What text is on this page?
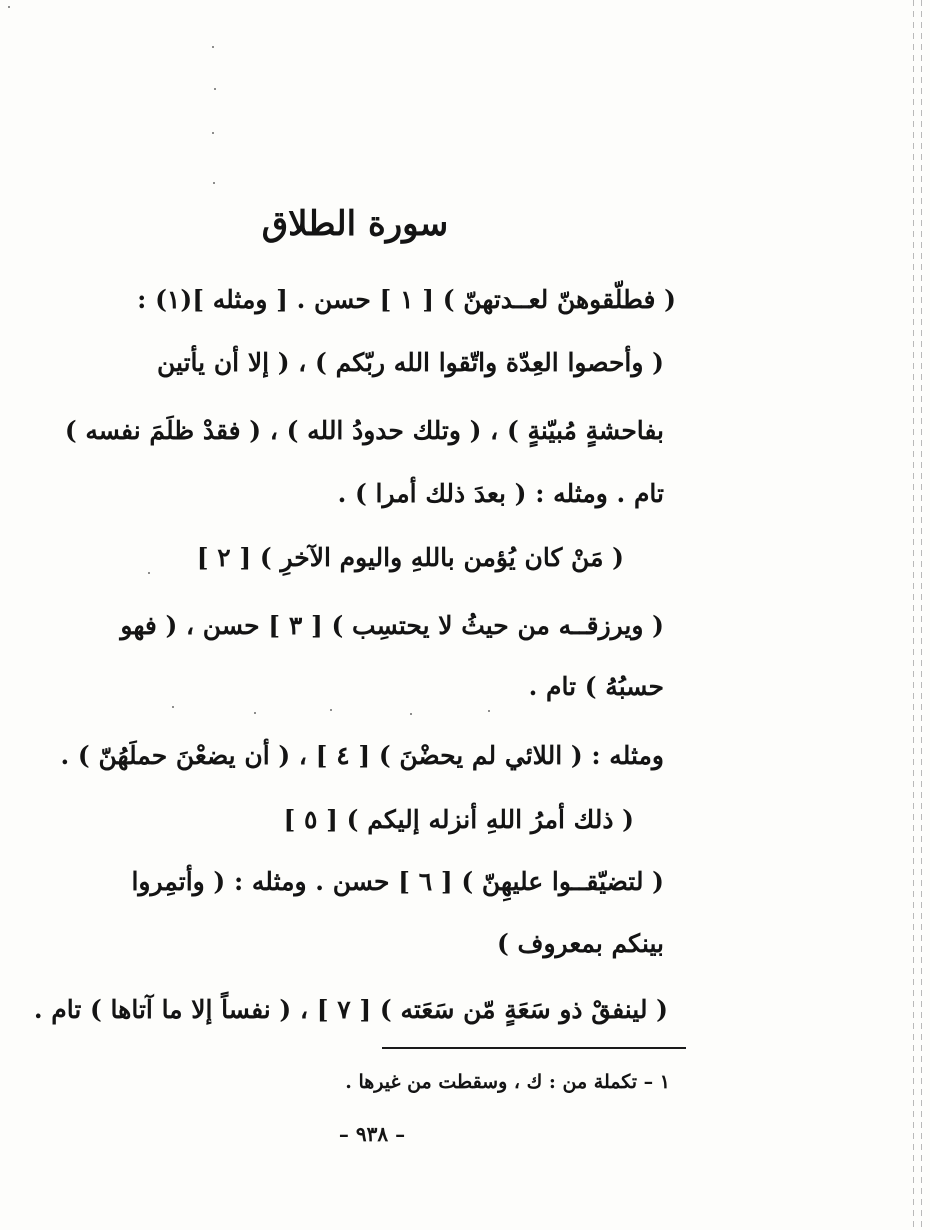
سورة الطلاق
( فطلّقوهنّ لعــدتهنّ ) [ ١ ] حسن . [ ومثله ](١) :
( وأحصوا العِدّة واتّقوا الله ربّكم ) ، ( إلا أن يأتين
بفاحشةٍ مُبيّنةٍ ) ، ( وتلك حدودُ الله ) ، ( فقدْ ظلَمَ نفسه )
تام . ومثله : ( بعدَ ذلك أمرا ) .
( مَنْ كان يُؤمن باللهِ واليوم الآخرِ ) [ ٢ ]
( ويرزقــه من حيثُ لا يحتسِب ) [ ٣ ] حسن ، ( فهو
حسبُهُ ) تام .
ومثله : ( اللائي لم يحضْنَ ) [ ٤ ] ، ( أن يضعْنَ حملَهُنّ ) .
( ذلك أمرُ اللهِ أنزله إليكم ) [ ٥ ]
( لتضيّقــوا عليهِنّ ) [ ٦ ] حسن . ومثله : ( وأتمِروا
بينكم بمعروف )
( لينفقْ ذو سَعَةٍ مّن سَعَته ) [ ٧ ] ، ( نفساً إلا ما آتاها ) تام .
١ – تكملة من : ك ، وسقطت من غيرها .
– ٩٣٨ –
